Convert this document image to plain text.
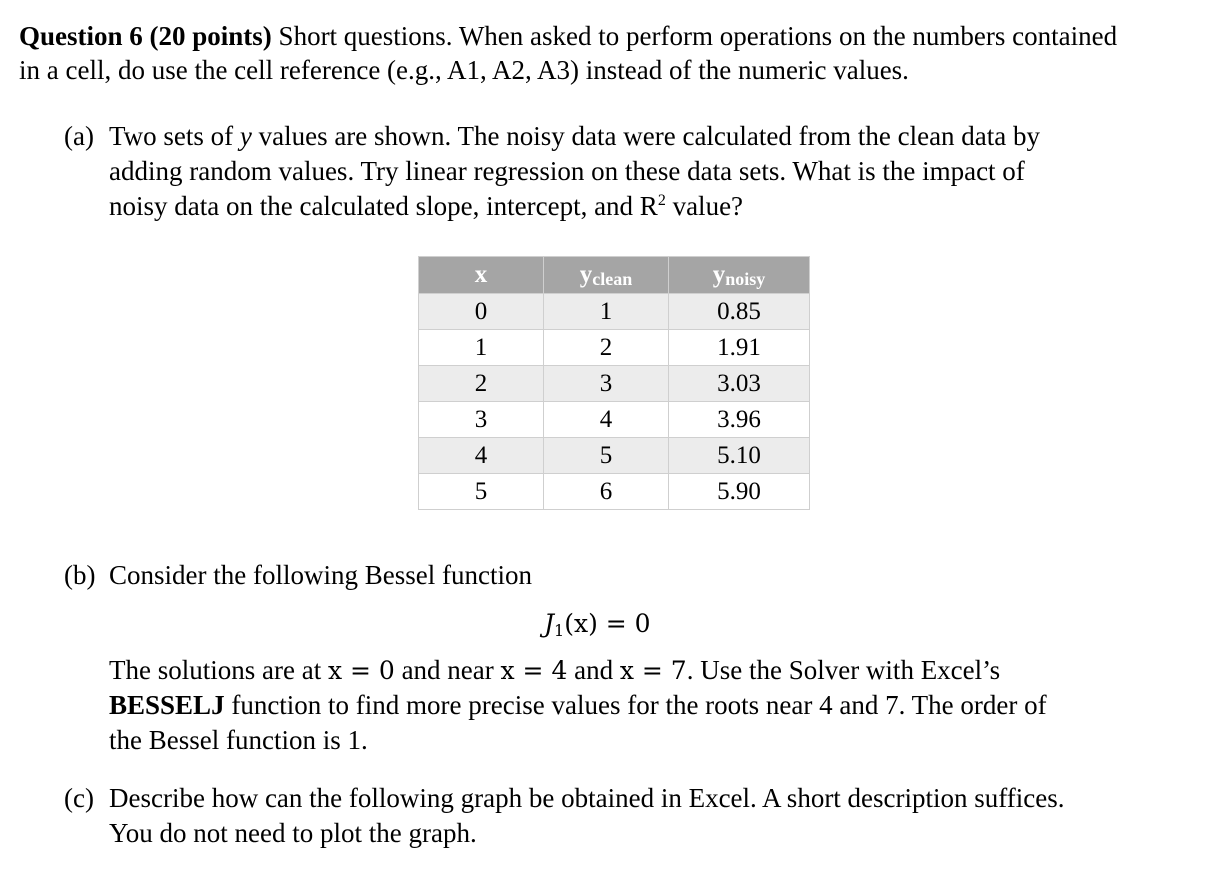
Question 6 (20 points) Short questions. When asked to perform operations on the numbers contained
in a cell, do use the cell reference (e.g., A1, A2, A3) instead of the numeric values.
(a) Two sets of y values are shown. The noisy data were calculated from the clean data by
adding random values. Try linear regression on these data sets. What is the impact of
noisy data on the calculated slope, intercept, and $R^2$ value?
x	$y_{clean}$	$y_{noisy}$
0	1	0.85
1	2	1.91
2	3	3.03
3	4	3.96
4	5	5.10
5	6	5.90
(b) Consider the following Bessel function
$J_1(x) = 0$
The solutions are at x = 0 and near x = 4 and x = 7. Use the Solver with Excel’s
BESSELJ function to find more precise values for the roots near 4 and 7. The order of
the Bessel function is 1.
(c) Describe how can the following graph be obtained in Excel. A short description suffices.
You do not need to plot the graph.
